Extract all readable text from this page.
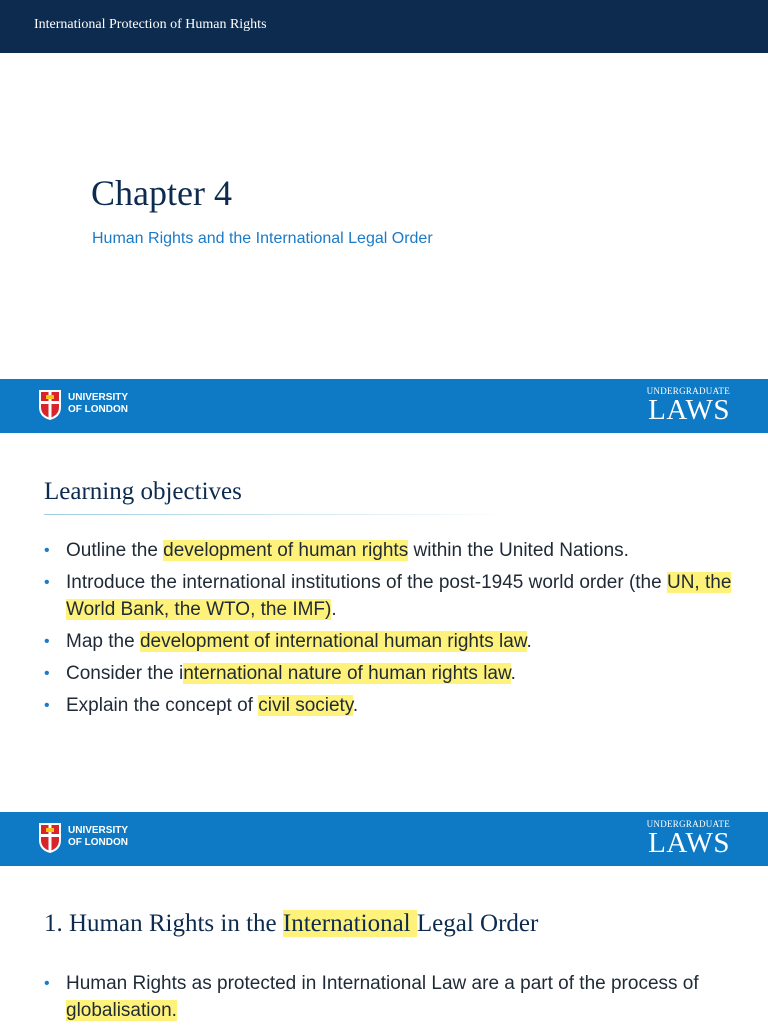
International Protection of Human Rights
Chapter 4
Human Rights and the International Legal Order
UNIVERSITY
OF LONDON
UNDERGRADUATE
LAWS
Learning objectives
• Outline the development of human rights within the United Nations.
• Introduce the international institutions of the post-1945 world order (the UN, the World Bank, the WTO, the IMF).
• Map the development of international human rights law.
• Consider the international nature of human rights law.
• Explain the concept of civil society.
UNIVERSITY
OF LONDON
UNDERGRADUATE
LAWS
1. Human Rights in the International Legal Order
• Human Rights as protected in International Law are a part of the process of globalisation.
